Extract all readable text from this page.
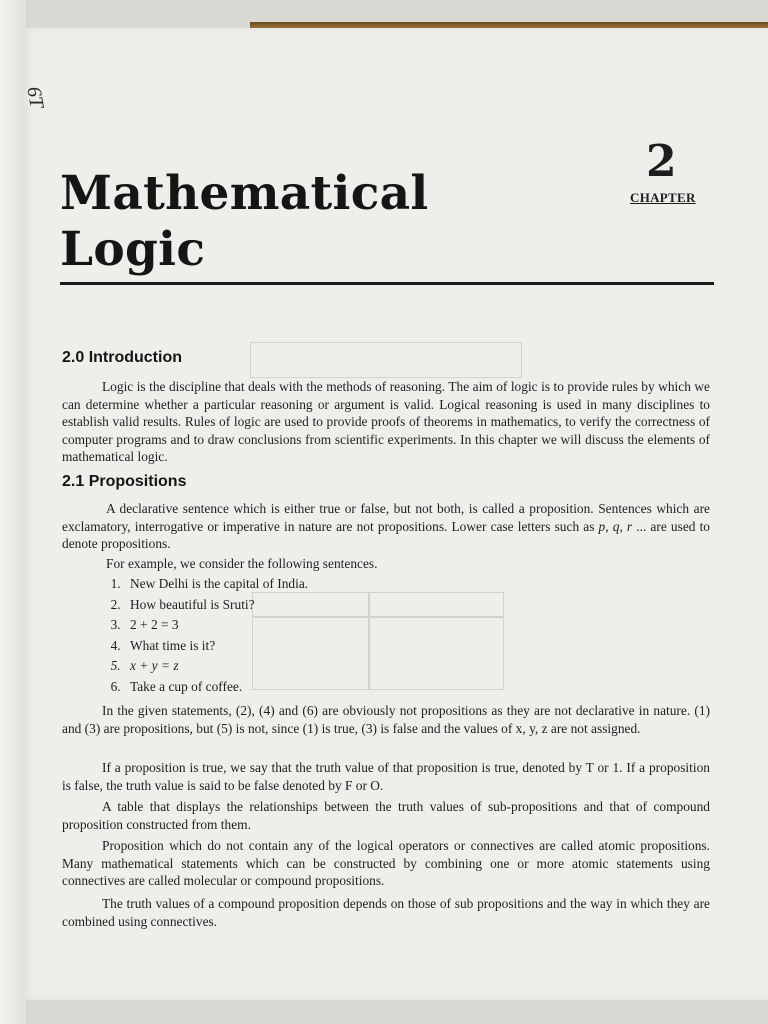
6T
2
CHAPTER
Mathematical
Logic
2.0 Introduction

Logic is the discipline that deals with the methods of reasoning. The aim of logic is to provide rules by which we can determine whether a particular reasoning or argument is valid. Logical reasoning is used in many disciplines to establish valid results. Rules of logic are used to provide proofs of theorems in mathematics, to verify the correctness of computer programs and to draw conclusions from scientific experiments. In this chapter we will discuss the elements of mathematical logic.

2.1 Propositions

A declarative sentence which is either true or false, but not both, is called a proposition. Sentences which are exclamatory, interrogative or imperative in nature are not propositions. Lower case letters such as p, q, r ... are used to denote propositions.

For example, we consider the following sentences.

1. New Delhi is the capital of India.
2. How beautiful is Sruti?
3. 2 + 2 = 3
4. What time is it?
5. x + y = z
6. Take a cup of coffee.

In the given statements, (2), (4) and (6) are obviously not propositions as they are not declarative in nature. (1) and (3) are propositions, but (5) is not, since (1) is true, (3) is false and the values of x, y, z are not assigned.

If a proposition is true, we say that the truth value of that proposition is true, denoted by T or 1. If a proposition is false, the truth value is said to be false denoted by F or O.

A table that displays the relationships between the truth values of sub-propositions and that of compound proposition constructed from them.

Proposition which do not contain any of the logical operators or connectives are called atomic propositions. Many mathematical statements which can be constructed by combining one or more atomic statements using connectives are called molecular or compound propositions.

The truth values of a compound proposition depends on those of sub propositions and the way in which they are combined using connectives.
